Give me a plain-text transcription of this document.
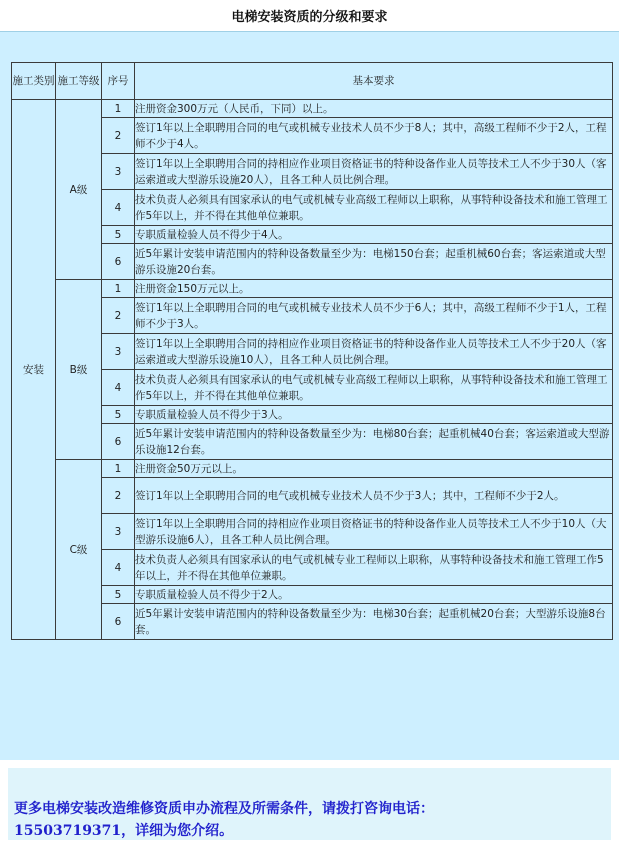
电梯安装资质的分级和要求
施工类别	施工等级	序号	基本要求
安装	A级	1	注册资金300万元（人民币，下同）以上。
		2	签订1年以上全职聘用合同的电气或机械专业技术人员不少于8人；其中，高级工程师不少于2人，工程师不少于4人。
		3	签订1年以上全职聘用合同的持相应作业项目资格证书的特种设备作业人员等技术工人不少于30人（客运索道或大型游乐设施20人），且各工种人员比例合理。
		4	技术负责人必须具有国家承认的电气或机械专业高级工程师以上职称，从事特种设备技术和施工管理工作5年以上，并不得在其他单位兼职。
		5	专职质量检验人员不得少于4人。
		6	近5年累计安装申请范围内的特种设备数量至少为：电梯150台套；起重机械60台套；客运索道或大型游乐设施20台套。
	B级	1	注册资金150万元以上。
		2	签订1年以上全职聘用合同的电气或机械专业技术人员不少于6人；其中，高级工程师不少于1人，工程师不少于3人。
		3	签订1年以上全职聘用合同的持相应作业项目资格证书的特种设备作业人员等技术工人不少于20人（客运索道或大型游乐设施10人），且各工种人员比例合理。
		4	技术负责人必须具有国家承认的电气或机械专业高级工程师以上职称，从事特种设备技术和施工管理工作5年以上，并不得在其他单位兼职。
		5	专职质量检验人员不得少于3人。
		6	近5年累计安装申请范围内的特种设备数量至少为：电梯80台套；起重机械40台套；客运索道或大型游乐设施12台套。
	C级	1	注册资金50万元以上。
		2	签订1年以上全职聘用合同的电气或机械专业技术人员不少于3人；其中，工程师不少于2人。
		3	签订1年以上全职聘用合同的持相应作业项目资格证书的特种设备作业人员等技术工人不少于10人（大型游乐设施6人），且各工种人员比例合理。
		4	技术负责人必须具有国家承认的电气或机械专业工程师以上职称，从事特种设备技术和施工管理工作5年以上，并不得在其他单位兼职。
		5	专职质量检验人员不得少于2人。
		6	近5年累计安装申请范围内的特种设备数量至少为：电梯30台套；起重机械20台套；大型游乐设施8台套。
更多电梯安装改造维修资质申办流程及所需条件，请拨打咨询电话：
15503719371，详细为您介绍。
